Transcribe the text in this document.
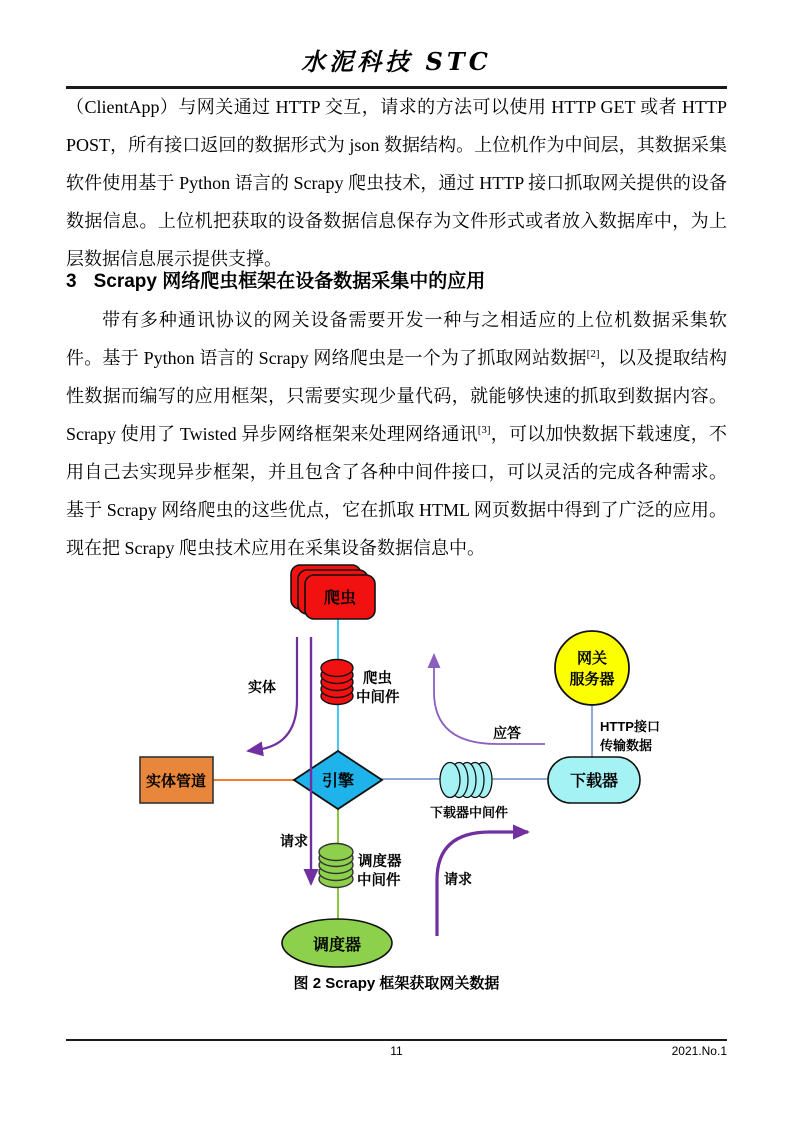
水泥科技 STC

（ClientApp）与网关通过 HTTP 交互，请求的方法可以使用 HTTP GET 或者 HTTP POST，所有接口返回的数据形式为 json 数据结构。上位机作为中间层，其数据采集软件使用基于 Python 语言的 Scrapy 爬虫技术，通过 HTTP 接口抓取网关提供的设备数据信息。上位机把获取的设备数据信息保存为文件形式或者放入数据库中，为上层数据信息展示提供支撑。

3 Scrapy 网络爬虫框架在设备数据采集中的应用

带有多种通讯协议的网关设备需要开发一种与之相适应的上位机数据采集软件。基于 Python 语言的 Scrapy 网络爬虫是一个为了抓取网站数据[2]，以及提取结构性数据而编写的应用框架，只需要实现少量代码，就能够快速的抓取到数据内容。Scrapy 使用了 Twisted 异步网络框架来处理网络通讯[3]，可以加快数据下载速度，不用自己去实现异步框架，并且包含了各种中间件接口，可以灵活的完成各种需求。基于 Scrapy 网络爬虫的这些优点，它在抓取 HTML 网页数据中得到了广泛的应用。现在把 Scrapy 爬虫技术应用在采集设备数据信息中。

爬虫
爬虫
中间件
实体管道	引擎
调度器
中间件
调度器
下载器中间件
下载器
网关
服务器
实体
请求
应答
请求
HTTP接口
传输数据
图 2 Scrapy 框架获取网关数据
11	2021.No.1
